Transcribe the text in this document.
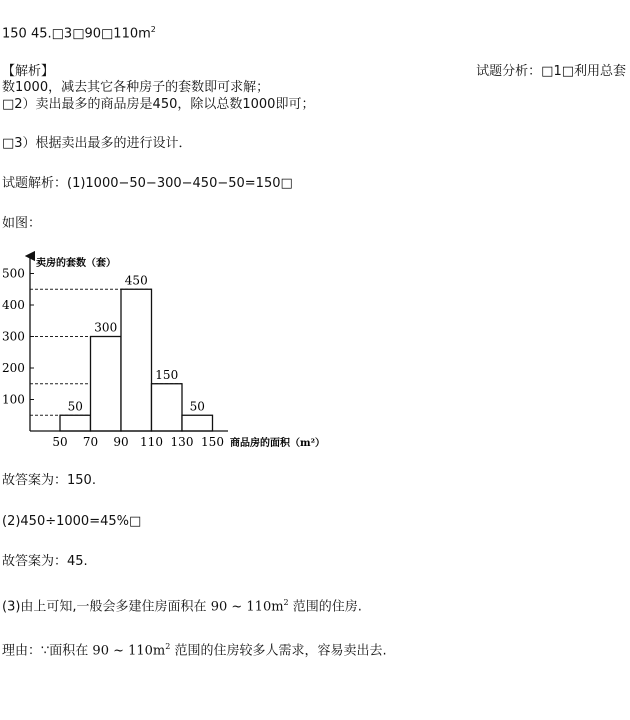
150 $45.□3□90□110m^2$
【解析】	试题分析：□1□利用总套
数1000，减去其它各种房子的套数即可求解；
□2）卖出最多的商品房是450，除以总数1000即可；
□3）根据卖出最多的进行设计．
试题解析：(1)1000−50−300−450−50=150□
如图：
50
300
450
150
50
100
200
300
400
500
50 70 90 110 130 150
卖房的套数（套）
商品房的面积（m²）
故答案为：150.
(2)450÷1000=45%□
故答案为：45.
(3)由上可知,一般会多建住房面积在 90 ~ $110m^2$ 范围的住房.
理由：∵面积在 90 ~ $110m^2$ 范围的住房较多人需求，容易卖出去.
